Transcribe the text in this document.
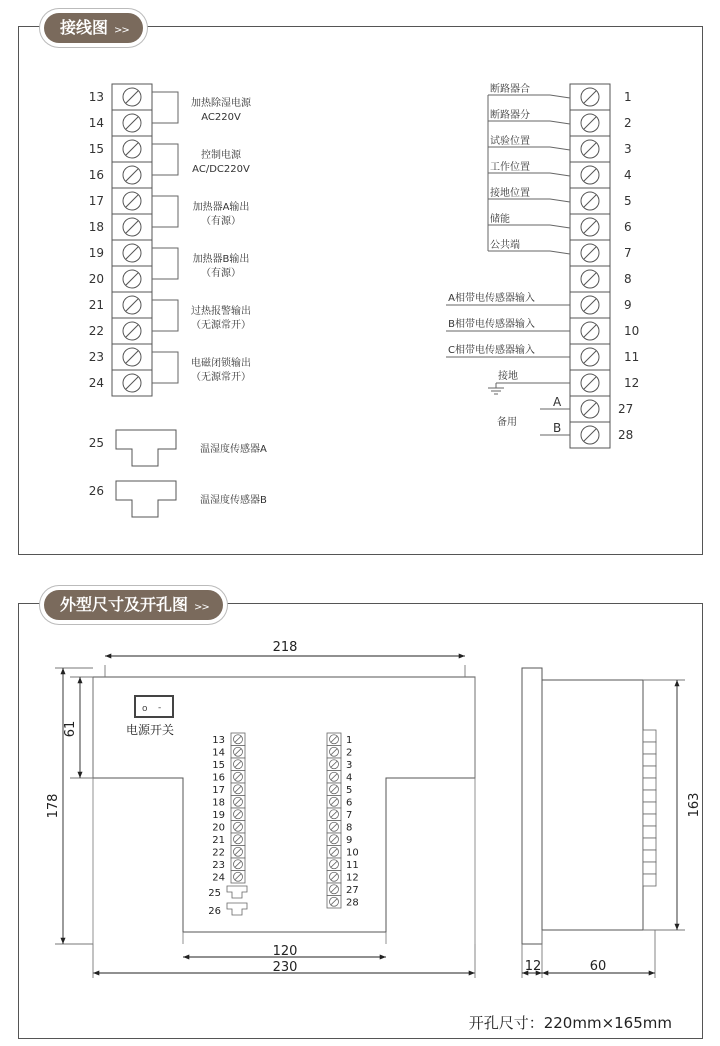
接线图 >>
13
14
15
16
17
18
19
20
21
22
23
24
加热除湿电源
AC220V
控制电源
AC/DC220V
加热器A输出
（有源）
加热器B输出
（有源）
过热报警输出
（无源常开）
电磁闭锁输出
（无源常开）
25
26
温湿度传感器A
温湿度传感器B
1
2
3
4
5
6
7
8
9
10
11
12
27
28
断路器合
断路器分
试验位置
工作位置
接地位置
储能
公共端
A相带电传感器输入
B相带电传感器输入
C相带电传感器输入
接地
备用
A
B
外型尺寸及开孔图 >>
o -
电源开关
13
14
15
16
17
18
19
20
21
22
23
24
25
26
1
2
3
4
5
6
7
8
9
10
11
12
27
28
218
61
178
120
230
163
12	60
开孔尺寸：220mm×165mm
